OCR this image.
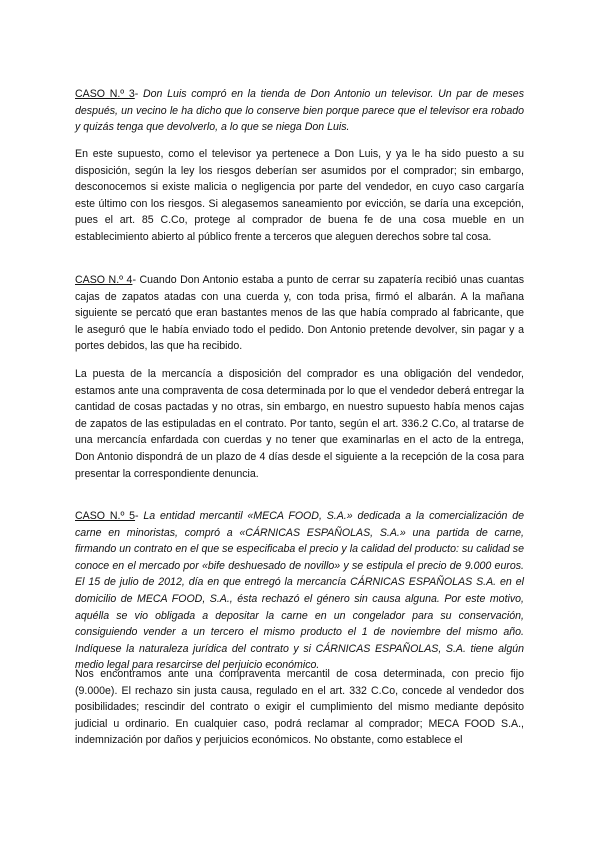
CASO N.º 3- Don Luis compró en la tienda de Don Antonio un televisor. Un par de meses después, un vecino le ha dicho que lo conserve bien porque parece que el televisor era robado y quizás tenga que devolverlo, a lo que se niega Don Luis.

En este supuesto, como el televisor ya pertenece a Don Luis, y ya le ha sido puesto a su disposición, según la ley los riesgos deberían ser asumidos por el comprador; sin embargo, desconocemos si existe malicia o negligencia por parte del vendedor, en cuyo caso cargaría este último con los riesgos. Si alegasemos saneamiento por evicción, se daría una excepción, pues el art. 85 C.Co, protege al comprador de buena fe de una cosa mueble en un establecimiento abierto al público frente a terceros que aleguen derechos sobre tal cosa.

CASO N.º 4- Cuando Don Antonio estaba a punto de cerrar su zapatería recibió unas cuantas cajas de zapatos atadas con una cuerda y, con toda prisa, firmó el albarán. A la mañana siguiente se percató que eran bastantes menos de las que había comprado al fabricante, que le aseguró que le había enviado todo el pedido. Don Antonio pretende devolver, sin pagar y a portes debidos, las que ha recibido.

La puesta de la mercancía a disposición del comprador es una obligación del vendedor, estamos ante una compraventa de cosa determinada por lo que el vendedor deberá entregar la cantidad de cosas pactadas y no otras, sin embargo, en nuestro supuesto había menos cajas de zapatos de las estipuladas en el contrato. Por tanto, según el art. 336.2 C.Co, al tratarse de una mercancía enfardada con cuerdas y no tener que examinarlas en el acto de la entrega, Don Antonio dispondrá de un plazo de 4 días desde el siguiente a la recepción de la cosa para presentar la correspondiente denuncia.

CASO N.º 5- La entidad mercantil «MECA FOOD, S.A.» dedicada a la comercialización de carne en minoristas, compró a «CÁRNICAS ESPAÑOLAS, S.A.» una partida de carne, firmando un contrato en el que se especificaba el precio y la calidad del producto: su calidad se conoce en el mercado por «bife deshuesado de novillo» y se estipula el precio de 9.000 euros. El 15 de julio de 2012, día en que entregó la mercancía CÁRNICAS ESPAÑOLAS S.A. en el domicilio de MECA FOOD, S.A., ésta rechazó el género sin causa alguna. Por este motivo, aquélla se vio obligada a depositar la carne en un congelador para su conservación, consiguiendo vender a un tercero el mismo producto el 1 de noviembre del mismo año. Indíquese la naturaleza jurídica del contrato y si CÁRNICAS ESPAÑOLAS, S.A. tiene algún medio legal para resarcirse del perjuicio económico.

Nos encontramos ante una compraventa mercantil de cosa determinada, con precio fijo (9.000e). El rechazo sin justa causa, regulado en el art. 332 C.Co, concede al vendedor dos posibilidades; rescindir del contrato o exigir el cumplimiento del mismo mediante depósito judicial u ordinario. En cualquier caso, podrá reclamar al comprador; MECA FOOD S.A., indemnización por daños y perjuicios económicos. No obstante, como establece el
